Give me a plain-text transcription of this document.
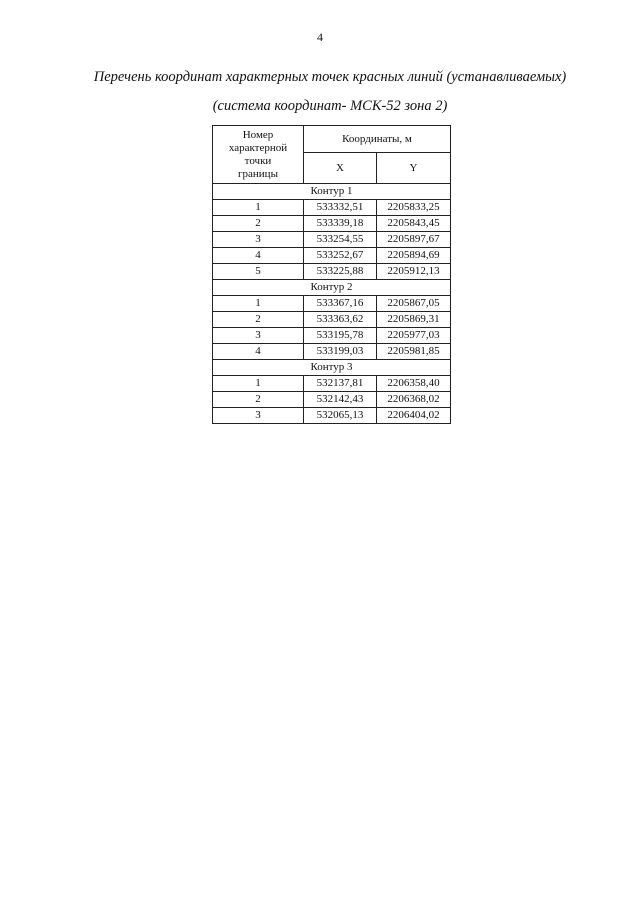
4
Перечень координат характерных точек красных линий (устанавливаемых)
(система координат- МСК-52 зона 2)
Номер характерной точки границы	Координаты, м	
	X	Y
Контур 1		
1	533332,51	2205833,25
2	533339,18	2205843,45
3	533254,55	2205897,67
4	533252,67	2205894,69
5	533225,88	2205912,13
Контур 2		
1	533367,16	2205867,05
2	533363,62	2205869,31
3	533195,78	2205977,03
4	533199,03	2205981,85
Контур 3		
1	532137,81	2206358,40
2	532142,43	2206368,02
3	532065,13	2206404,02
